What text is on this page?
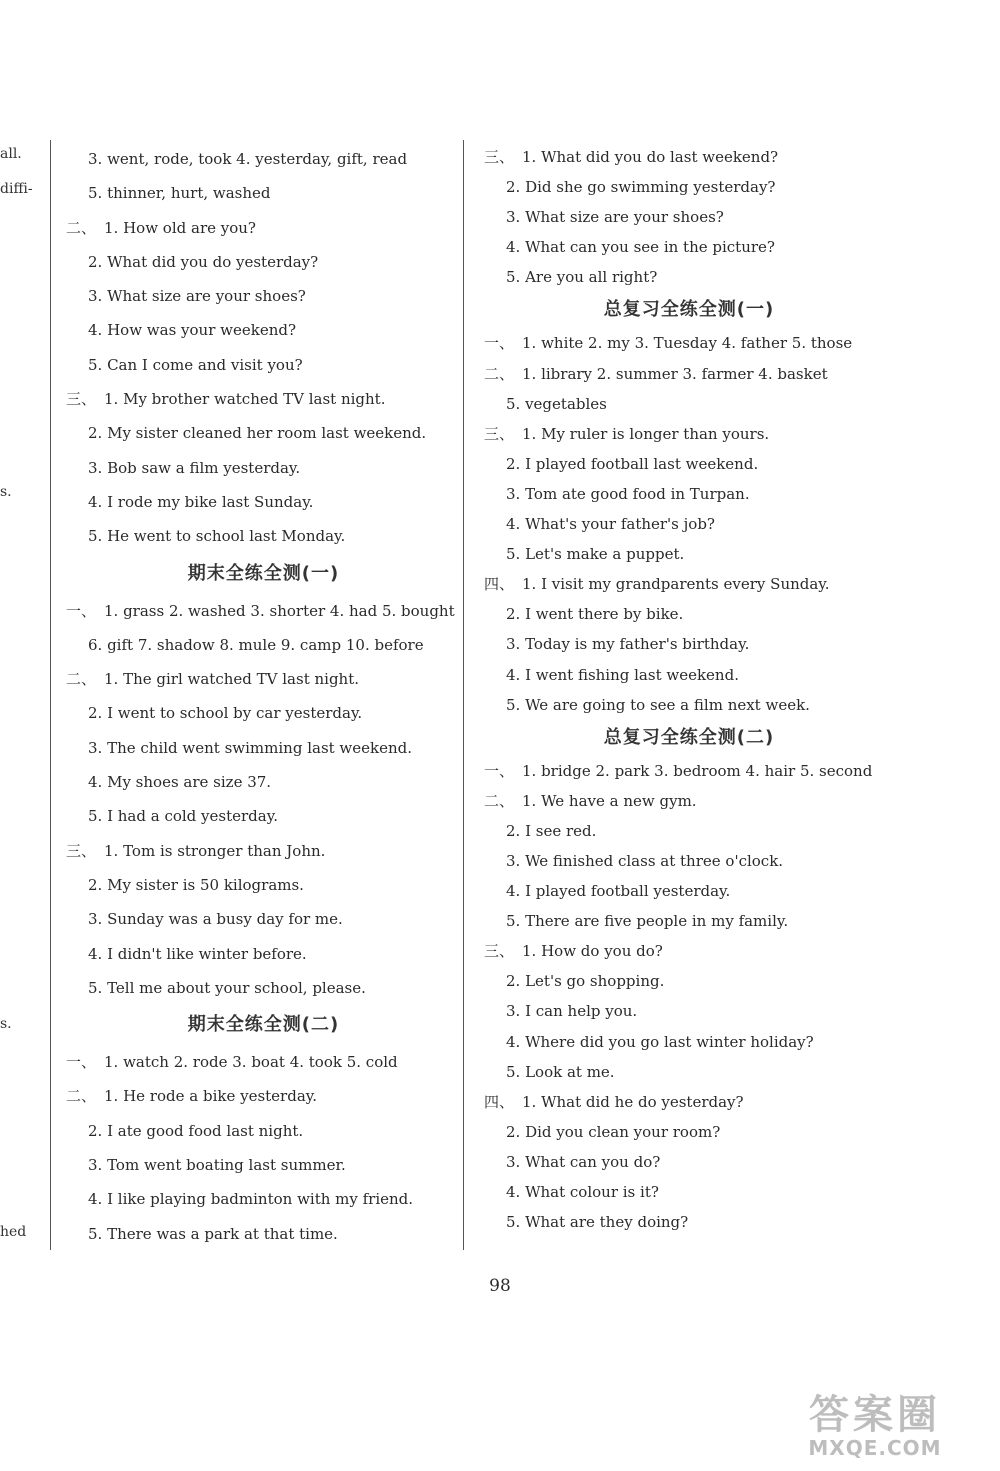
all.
diffi-
s.
s.
hed
3. went, rode, took 4. yesterday, gift, read
5. thinner, hurt, washed
二、 1. How old are you?
2. What did you do yesterday?
3. What size are your shoes?
4. How was your weekend?
5. Can I come and visit you?
三、 1. My brother watched TV last night.
2. My sister cleaned her room last weekend.
3. Bob saw a film yesterday.
4. I rode my bike last Sunday.
5. He went to school last Monday.
期末全练全测(一)
一、 1. grass 2. washed 3. shorter 4. had 5. bought
6. gift 7. shadow 8. mule 9. camp 10. before
二、 1. The girl watched TV last night.
2. I went to school by car yesterday.
3. The child went swimming last weekend.
4. My shoes are size 37.
5. I had a cold yesterday.
三、 1. Tom is stronger than John.
2. My sister is 50 kilograms.
3. Sunday was a busy day for me.
4. I didn't like winter before.
5. Tell me about your school, please.
期末全练全测(二)
一、 1. watch 2. rode 3. boat 4. took 5. cold
二、 1. He rode a bike yesterday.
2. I ate good food last night.
3. Tom went boating last summer.
4. I like playing badminton with my friend.
5. There was a park at that time.
三、 1. What did you do last weekend?
2. Did she go swimming yesterday?
3. What size are your shoes?
4. What can you see in the picture?
5. Are you all right?
总复习全练全测(一)
一、 1. white 2. my 3. Tuesday 4. father 5. those
二、 1. library 2. summer 3. farmer 4. basket
5. vegetables
三、 1. My ruler is longer than yours.
2. I played football last weekend.
3. Tom ate good food in Turpan.
4. What's your father's job?
5. Let's make a puppet.
四、 1. I visit my grandparents every Sunday.
2. I went there by bike.
3. Today is my father's birthday.
4. I went fishing last weekend.
5. We are going to see a film next week.
总复习全练全测(二)
一、 1. bridge 2. park 3. bedroom 4. hair 5. second
二、 1. We have a new gym.
2. I see red.
3. We finished class at three o'clock.
4. I played football yesterday.
5. There are five people in my family.
三、 1. How do you do?
2. Let's go shopping.
3. I can help you.
4. Where did you go last winter holiday?
5. Look at me.
四、 1. What did he do yesterday?
2. Did you clean your room?
3. What can you do?
4. What colour is it?
5. What are they doing?
98
答案圈
MXQE.COM
